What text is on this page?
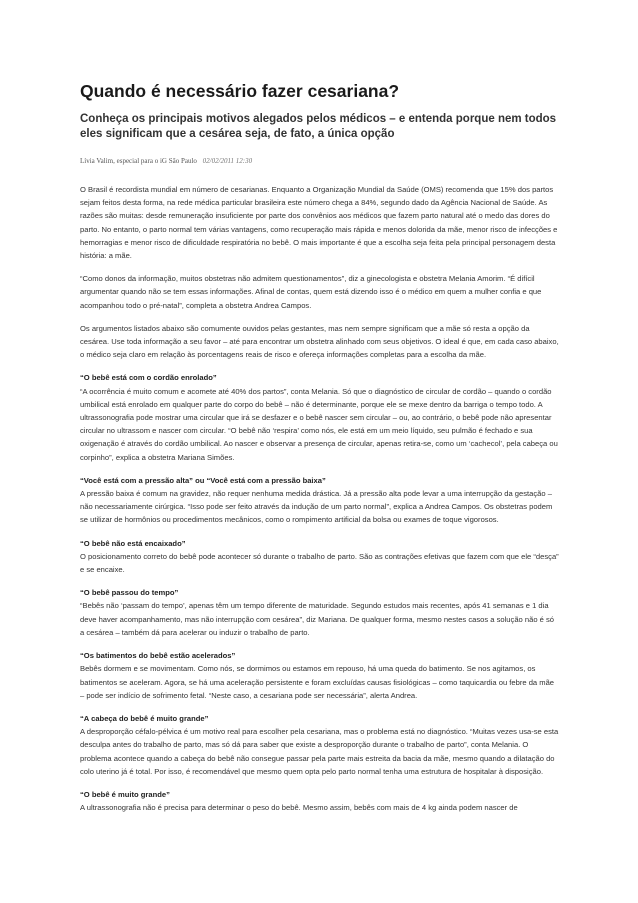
Quando é necessário fazer cesariana?
Conheça os principais motivos alegados pelos médicos – e entenda porque nem todos eles significam que a cesárea seja, de fato, a única opção
Lívia Valim, especial para o iG São Paulo 02/02/2011 12:30

O Brasil é recordista mundial em número de cesarianas. Enquanto a Organização Mundial da Saúde (OMS) recomenda que 15% dos partos sejam feitos desta forma, na rede médica particular brasileira este número chega a 84%, segundo dado da Agência Nacional de Saúde. As razões são muitas: desde remuneração insuficiente por parte dos convênios aos médicos que fazem parto natural até o medo das dores do parto. No entanto, o parto normal tem várias vantagens, como recuperação mais rápida e menos dolorida da mãe, menor risco de infecções e hemorragias e menor risco de dificuldade respiratória no bebê. O mais importante é que a escolha seja feita pela principal personagem desta história: a mãe.

“Como donos da informação, muitos obstetras não admitem questionamentos”, diz a ginecologista e obstetra Melania Amorim. “É difícil argumentar quando não se tem essas informações. Afinal de contas, quem está dizendo isso é o médico em quem a mulher confia e que acompanhou todo o pré-natal”, completa a obstetra Andrea Campos.

Os argumentos listados abaixo são comumente ouvidos pelas gestantes, mas nem sempre significam que a mãe só resta a opção da cesárea. Use toda informação a seu favor – até para encontrar um obstetra alinhado com seus objetivos. O ideal é que, em cada caso abaixo, o médico seja claro em relação às porcentagens reais de risco e ofereça informações completas para a escolha da mãe.

“O bebê está com o cordão enrolado”
“A ocorrência é muito comum e acomete até 40% dos partos”, conta Melania. Só que o diagnóstico de circular de cordão – quando o cordão umbilical está enrolado em qualquer parte do corpo do bebê – não é determinante, porque ele se mexe dentro da barriga o tempo todo. A ultrassonografia pode mostrar uma circular que irá se desfazer e o bebê nascer sem circular – ou, ao contrário, o bebê pode não apresentar circular no ultrassom e nascer com circular. “O bebê não ‘respira’ como nós, ele está em um meio líquido, seu pulmão é fechado e sua oxigenação é através do cordão umbilical. Ao nascer e observar a presença de circular, apenas retira-se, como um ‘cachecol’, pela cabeça ou corpinho”, explica a obstetra Mariana Simões.
“Você está com a pressão alta” ou “Você está com a pressão baixa”
A pressão baixa é comum na gravidez, não requer nenhuma medida drástica. Já a pressão alta pode levar a uma interrupção da gestação – não necessariamente cirúrgica. “Isso pode ser feito através da indução de um parto normal”, explica a Andrea Campos. Os obstetras podem se utilizar de hormônios ou procedimentos mecânicos, como o rompimento artificial da bolsa ou exames de toque vigorosos.
“O bebê não está encaixado”
O posicionamento correto do bebê pode acontecer só durante o trabalho de parto. São as contrações efetivas que fazem com que ele “desça” e se encaixe.
“O bebê passou do tempo”
“Bebês não ‘passam do tempo’, apenas têm um tempo diferente de maturidade. Segundo estudos mais recentes, após 41 semanas e 1 dia deve haver acompanhamento, mas não interrupção com cesárea”, diz Mariana. De qualquer forma, mesmo nestes casos a solução não é só a cesárea – também dá para acelerar ou induzir o trabalho de parto.
“Os batimentos do bebê estão acelerados”
Bebês dormem e se movimentam. Como nós, se dormimos ou estamos em repouso, há uma queda do batimento. Se nos agitamos, os batimentos se aceleram. Agora, se há uma aceleração persistente e foram excluídas causas fisiológicas – como taquicardia ou febre da mãe – pode ser indício de sofrimento fetal. “Neste caso, a cesariana pode ser necessária”, alerta Andrea.
“A cabeça do bebê é muito grande”
A desproporção céfalo-pélvica é um motivo real para escolher pela cesariana, mas o problema está no diagnóstico. “Muitas vezes usa-se esta desculpa antes do trabalho de parto, mas só dá para saber que existe a desproporção durante o trabalho de parto”, conta Melania. O problema acontece quando a cabeça do bebê não consegue passar pela parte mais estreita da bacia da mãe, mesmo quando a dilatação do colo uterino já é total. Por isso, é recomendável que mesmo quem opta pelo parto normal tenha uma estrutura de hospitalar à disposição.
“O bebê é muito grande”
A ultrassonografia não é precisa para determinar o peso do bebê. Mesmo assim, bebês com mais de 4 kg ainda podem nascer de
